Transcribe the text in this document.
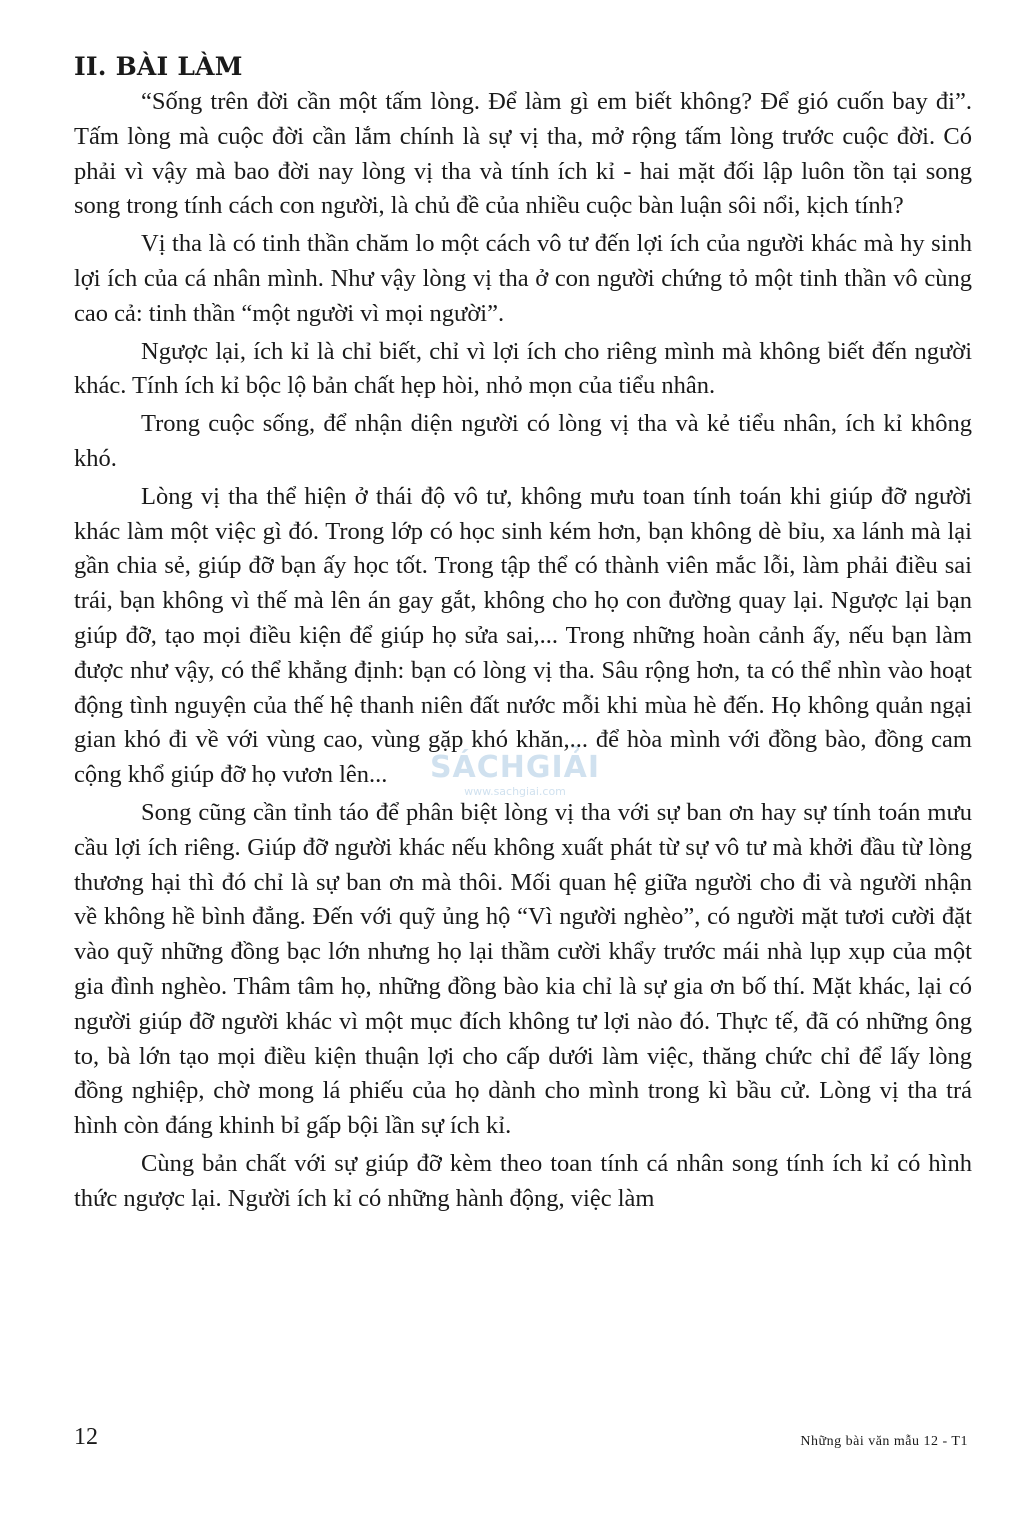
II. BÀI LÀM

“Sống trên đời cần một tấm lòng. Để làm gì em biết không? Để gió cuốn bay đi”. Tấm lòng mà cuộc đời cần lắm chính là sự vị tha, mở rộng tấm lòng trước cuộc đời. Có phải vì vậy mà bao đời nay lòng vị tha và tính ích kỉ - hai mặt đối lập luôn tồn tại song song trong tính cách con người, là chủ đề của nhiều cuộc bàn luận sôi nổi, kịch tính?

Vị tha là có tinh thần chăm lo một cách vô tư đến lợi ích của người khác mà hy sinh lợi ích của cá nhân mình. Như vậy lòng vị tha ở con người chứng tỏ một tinh thần vô cùng cao cả: tinh thần “một người vì mọi người”.

Ngược lại, ích kỉ là chỉ biết, chỉ vì lợi ích cho riêng mình mà không biết đến người khác. Tính ích kỉ bộc lộ bản chất hẹp hòi, nhỏ mọn của tiểu nhân.

Trong cuộc sống, để nhận diện người có lòng vị tha và kẻ tiểu nhân, ích kỉ không khó.

Lòng vị tha thể hiện ở thái độ vô tư, không mưu toan tính toán khi giúp đỡ người khác làm một việc gì đó. Trong lớp có học sinh kém hơn, bạn không dè bỉu, xa lánh mà lại gần chia sẻ, giúp đỡ bạn ấy học tốt. Trong tập thể có thành viên mắc lỗi, làm phải điều sai trái, bạn không vì thế mà lên án gay gắt, không cho họ con đường quay lại. Ngược lại bạn giúp đỡ, tạo mọi điều kiện để giúp họ sửa sai,... Trong những hoàn cảnh ấy, nếu bạn làm được như vậy, có thể khẳng định: bạn có lòng vị tha. Sâu rộng hơn, ta có thể nhìn vào hoạt động tình nguyện của thế hệ thanh niên đất nước mỗi khi mùa hè đến. Họ không quản ngại gian khó đi về với vùng cao, vùng gặp khó khăn,... để hòa mình với đồng bào, đồng cam cộng khổ giúp đỡ họ vươn lên...

Song cũng cần tỉnh táo để phân biệt lòng vị tha với sự ban ơn hay sự tính toán mưu cầu lợi ích riêng. Giúp đỡ người khác nếu không xuất phát từ sự vô tư mà khởi đầu từ lòng thương hại thì đó chỉ là sự ban ơn mà thôi. Mối quan hệ giữa người cho đi và người nhận về không hề bình đẳng. Đến với quỹ ủng hộ “Vì người nghèo”, có người mặt tươi cười đặt vào quỹ những đồng bạc lớn nhưng họ lại thầm cười khẩy trước mái nhà lụp xụp của một gia đình nghèo. Thâm tâm họ, những đồng bào kia chỉ là sự gia ơn bố thí. Mặt khác, lại có người giúp đỡ người khác vì một mục đích không tư lợi nào đó. Thực tế, đã có những ông to, bà lớn tạo mọi điều kiện thuận lợi cho cấp dưới làm việc, thăng chức chỉ để lấy lòng đồng nghiệp, chờ mong lá phiếu của họ dành cho mình trong kì bầu cử. Lòng vị tha trá hình còn đáng khinh bỉ gấp bội lần sự ích kỉ.

Cùng bản chất với sự giúp đỡ kèm theo toan tính cá nhân song tính ích kỉ có hình thức ngược lại. Người ích kỉ có những hành động, việc làm

SÁCHGIẢI
www.sachgiai.com
12	Những bài văn mẫu 12 - T1
